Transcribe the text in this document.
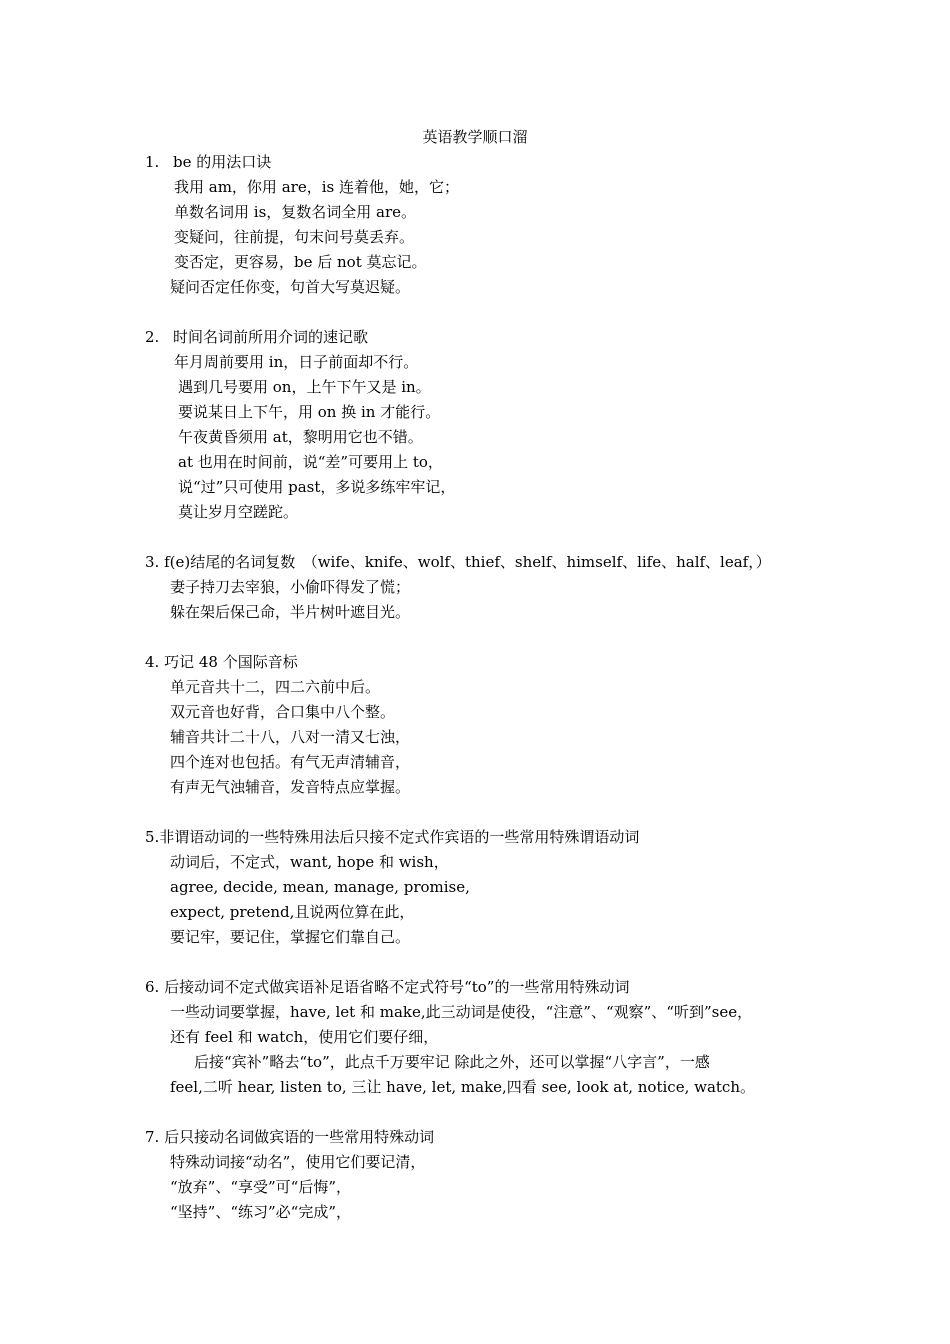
英语教学顺口溜
1. be 的用法口诀
我用 am，你用 are，is 连着他，她，它；
单数名词用 is，复数名词全用 are。
变疑问，往前提，句末问号莫丢弃。
变否定，更容易，be 后 not 莫忘记。
疑问否定任你变，句首大写莫迟疑。
2. 时间名词前所用介词的速记歌
年月周前要用 in，日子前面却不行。
遇到几号要用 on，上午下午又是 in。
要说某日上下午，用 on 换 in 才能行。
午夜黄昏须用 at，黎明用它也不错。
at 也用在时间前，说“差”可要用上 to，
说“过”只可使用 past，多说多练牢牢记，
莫让岁月空蹉跎。
3. f(e)结尾的名词复数　（wife、knife、wolf、thief、shelf、himself、life、half、leaf，）
妻子持刀去宰狼，小偷吓得发了慌；
躲在架后保己命，半片树叶遮目光。
4. 巧记 48 个国际音标
单元音共十二，四二六前中后。
双元音也好背，合口集中八个整。
辅音共计二十八，八对一清又七浊，
四个连对也包括。有气无声清辅音，
有声无气浊辅音，发音特点应掌握。
5.非谓语动词的一些特殊用法后只接不定式作宾语的一些常用特殊谓语动词
动词后，不定式，want, hope 和 wish，
agree, decide, mean, manage, promise,
expect, pretend,且说两位算在此，
要记牢，要记住，掌握它们靠自己。
6. 后接动词不定式做宾语补足语省略不定式符号“to”的一些常用特殊动词
一些动词要掌握，have, let 和 make,此三动词是使役，“注意”、“观察”、“听到”see，
还有 feel 和 watch，使用它们要仔细，
后接“宾补”略去“to”，此点千万要牢记 除此之外，还可以掌握“八字言”，一感
feel,二听 hear, listen to, 三让 have, let, make,四看 see, look at, notice, watch。
7. 后只接动名词做宾语的一些常用特殊动词
特殊动词接“动名”，使用它们要记清，
“放弃”、“享受”可“后悔”，
“坚持”、“练习”必“完成”，
